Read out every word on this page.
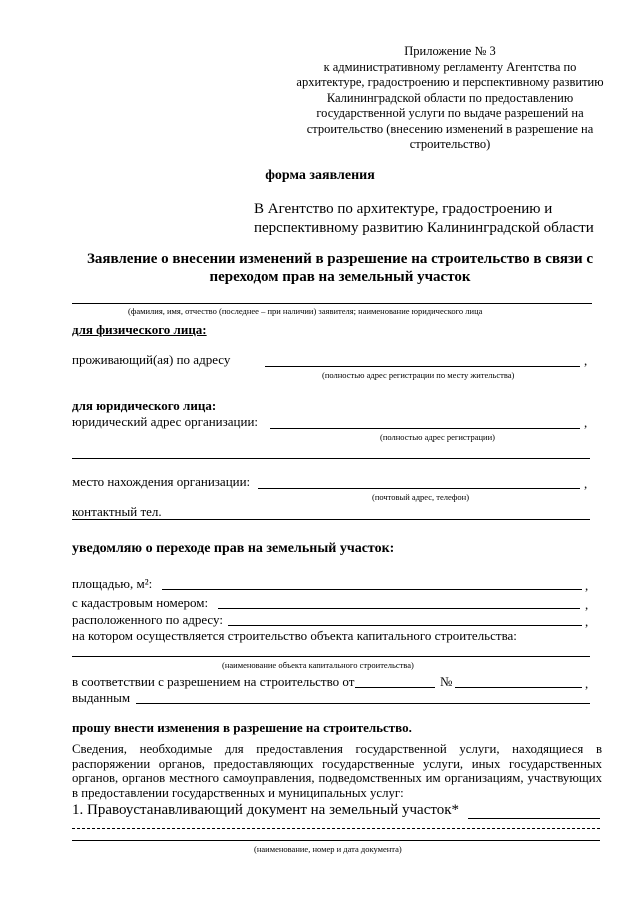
Приложение № 3
к административному регламенту Агентства по
архитектуре, градостроению и перспективному развитию
Калининградской области по предоставлению
государственной услуги по выдаче разрешений на
строительство (внесению изменений в разрешение на
строительство)
форма заявления
В Агентство по архитектуре, градостроению и
перспективному развитию Калининградской области
Заявление о внесении изменений в разрешение на строительство в связи с
переходом прав на земельный участок
(фамилия, имя, отчество (последнее – при наличии) заявителя; наименование юридического лица
для физического лица:
проживающий(ая) по адресу	,
(полностью адрес регистрации по месту жительства)
для юридического лица:
юридический адрес организации:	,
(полностью адрес регистрации)
место нахождения организации:	,
(почтовый адрес, телефон)
контактный тел.
уведомляю о переходе прав на земельный участок:
площадью, м²:	,
с кадастровым номером:	,
расположенного по адресу:	,
на котором осуществляется строительство объекта капитального строительства:
(наименование объекта капитального строительства)
в соответствии с разрешением на строительство от	№	,
выданным
прошу внести изменения в разрешение на строительство.
Сведения, необходимые для предоставления государственной услуги, находящиеся в распоряжении органов, предоставляющих государственные услуги, иных государственных органов, органов местного самоуправления, подведомственных им организациям, участвующих в предоставлении государственных и муниципальных услуг:
1. Правоустанавливающий документ на земельный участок*
(наименование, номер и дата документа)
